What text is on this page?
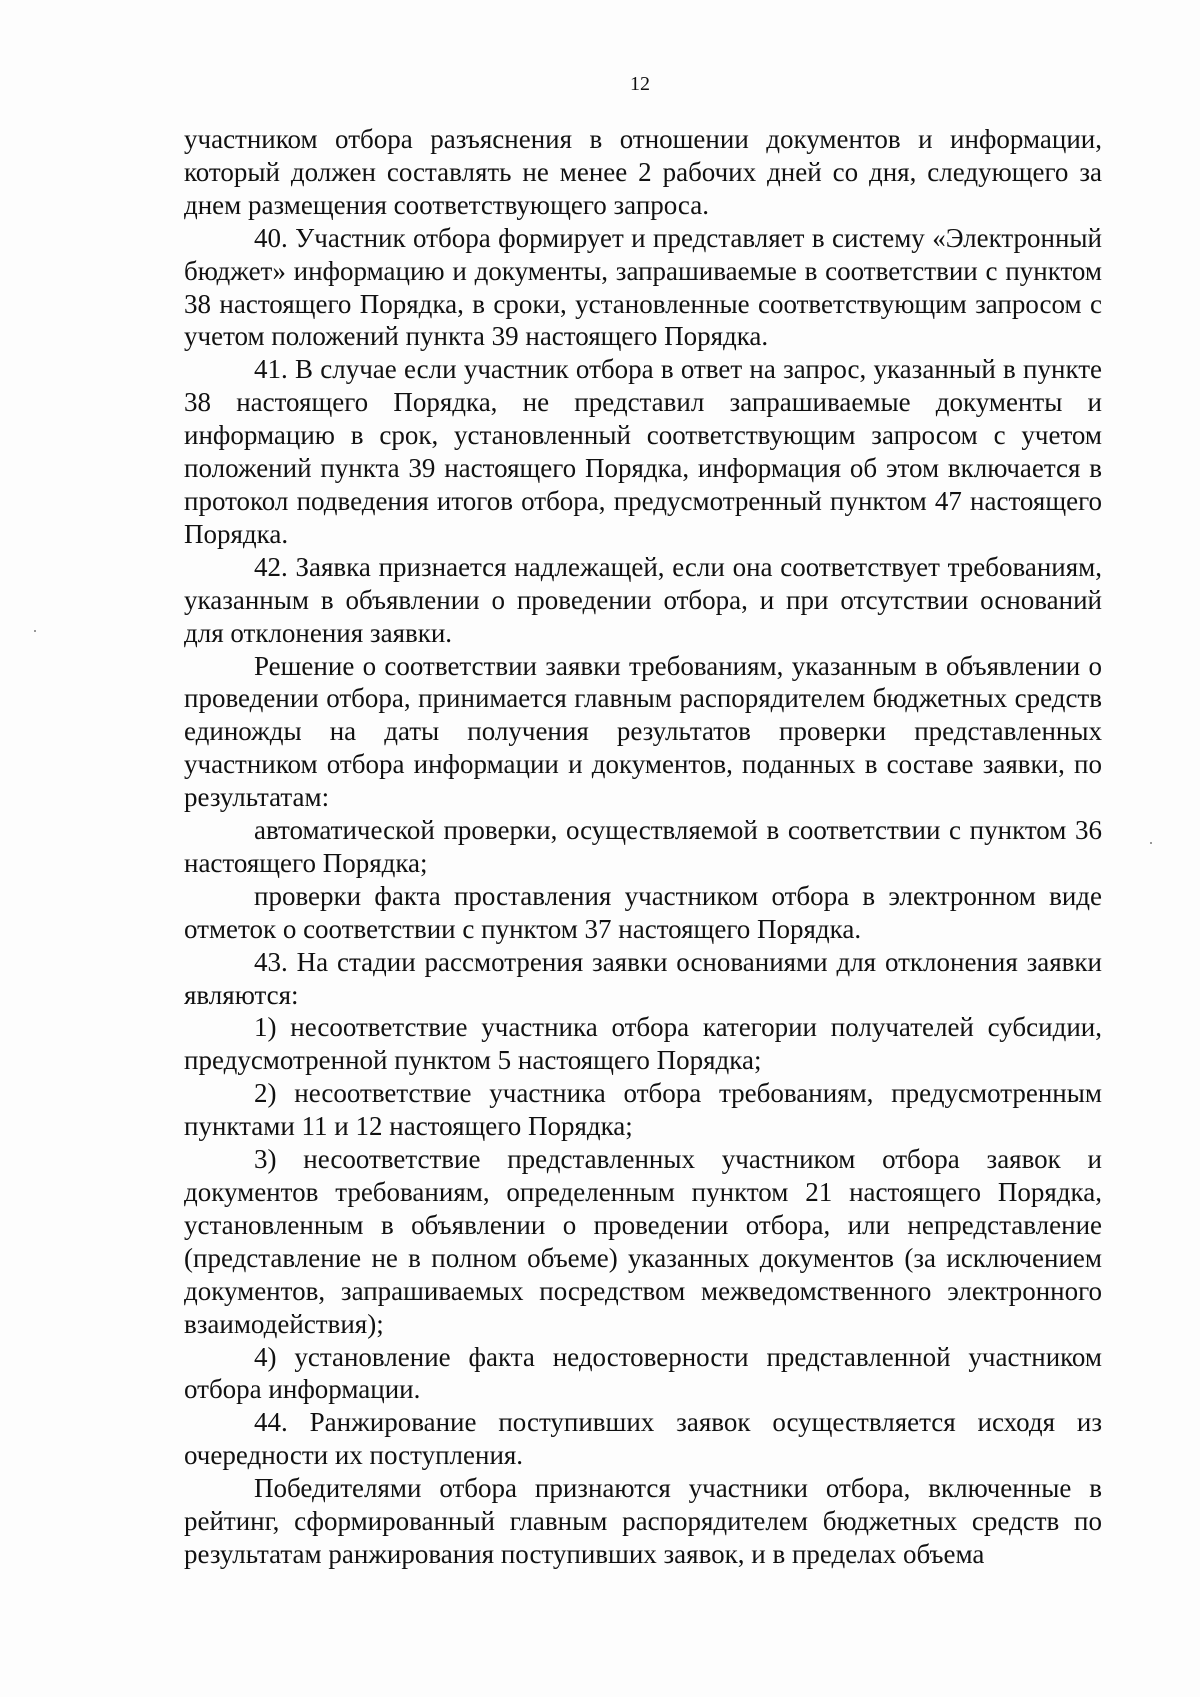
12

участником отбора разъяснения в отношении документов и информации, который должен составлять не менее 2 рабочих дней со дня, следующего за днем размещения соответствующего запроса.

40. Участник отбора формирует и представляет в систему «Электронный бюджет» информацию и документы, запрашиваемые в соответствии с пунктом 38 настоящего Порядка, в сроки, установленные соответствующим запросом с учетом положений пункта 39 настоящего Порядка.

41. В случае если участник отбора в ответ на запрос, указанный в пункте 38 настоящего Порядка, не представил запрашиваемые документы и информацию в срок, установленный соответствующим запросом с учетом положений пункта 39 настоящего Порядка, информация об этом включается в протокол подведения итогов отбора, предусмотренный пунктом 47 настоящего Порядка.

42. Заявка признается надлежащей, если она соответствует требованиям, указанным в объявлении о проведении отбора, и при отсутствии оснований для отклонения заявки.

Решение о соответствии заявки требованиям, указанным в объявлении о проведении отбора, принимается главным распорядителем бюджетных средств единожды на даты получения результатов проверки представленных участником отбора информации и документов, поданных в составе заявки, по результатам:

автоматической проверки, осуществляемой в соответствии с пунктом 36 настоящего Порядка;

проверки факта проставления участником отбора в электронном виде отметок о соответствии с пунктом 37 настоящего Порядка.

43. На стадии рассмотрения заявки основаниями для отклонения заявки являются:

1) несоответствие участника отбора категории получателей субсидии, предусмотренной пунктом 5 настоящего Порядка;

2) несоответствие участника отбора требованиям, предусмотренным пунктами 11 и 12 настоящего Порядка;

3) несоответствие представленных участником отбора заявок и документов требованиям, определенным пунктом 21 настоящего Порядка, установленным в объявлении о проведении отбора, или непредставление (представление не в полном объеме) указанных документов (за исключением документов, запрашиваемых посредством межведомственного электронного взаимодействия);

4) установление факта недостоверности представленной участником отбора информации.

44. Ранжирование поступивших заявок осуществляется исходя из очередности их поступления.

Победителями отбора признаются участники отбора, включенные в рейтинг, сформированный главным распорядителем бюджетных средств по результатам ранжирования поступивших заявок, и в пределах объема
